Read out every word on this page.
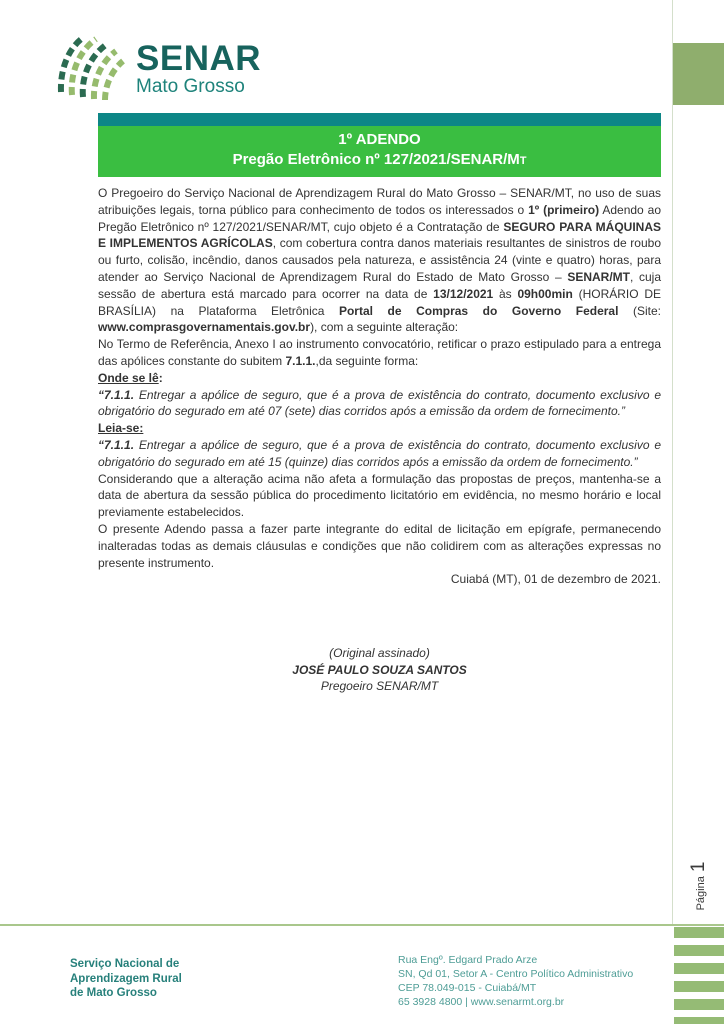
SENAR
Mato Grosso
1º ADENDO
Pregão Eletrônico nº 127/2021/SENAR/MT

O Pregoeiro do Serviço Nacional de Aprendizagem Rural do Mato Grosso – SENAR/MT, no uso de suas atribuições legais, torna público para conhecimento de todos os interessados o 1º (primeiro) Adendo ao Pregão Eletrônico nº 127/2021/SENAR/MT, cujo objeto é a Contratação de SEGURO PARA MÁQUINAS E IMPLEMENTOS AGRÍCOLAS, com cobertura contra danos materiais resultantes de sinistros de roubo ou furto, colisão, incêndio, danos causados pela natureza, e assistência 24 (vinte e quatro) horas, para atender ao Serviço Nacional de Aprendizagem Rural do Estado de Mato Grosso – SENAR/MT, cuja sessão de abertura está marcado para ocorrer na data de 13/12/2021 às 09h00min (HORÁRIO DE BRASÍLIA) na Plataforma Eletrônica Portal de Compras do Governo Federal (Site: www.comprasgovernamentais.gov.br), com a seguinte alteração:

No Termo de Referência, Anexo I ao instrumento convocatório, retificar o prazo estipulado para a entrega das apólices constante do subitem 7.1.1.,da seguinte forma:

Onde se lê:

“7.1.1. Entregar a apólice de seguro, que é a prova de existência do contrato, documento exclusivo e obrigatório do segurado em até 07 (sete) dias corridos após a emissão da ordem de fornecimento.”

Leia-se:

“7.1.1. Entregar a apólice de seguro, que é a prova de existência do contrato, documento exclusivo e obrigatório do segurado em até 15 (quinze) dias corridos após a emissão da ordem de fornecimento.”

Considerando que a alteração acima não afeta a formulação das propostas de preços, mantenha-se a data de abertura da sessão pública do procedimento licitatório em evidência, no mesmo horário e local previamente estabelecidos.

O presente Adendo passa a fazer parte integrante do edital de licitação em epígrafe, permanecendo inalteradas todas as demais cláusulas e condições que não colidirem com as alterações expressas no presente instrumento.

Cuiabá (MT), 01 de dezembro de 2021.

(Original assinado)
JOSÉ PAULO SOUZA SANTOS
Pregoeiro SENAR/MT
Página
1
Serviço Nacional de
Aprendizagem Rural
de Mato Grosso
Rua Engº. Edgard Prado Arze
SN, Qd 01, Setor A - Centro Político Administrativo
CEP 78.049-015 - Cuiabá/MT
65 3928 4800 | www.senarmt.org.br
